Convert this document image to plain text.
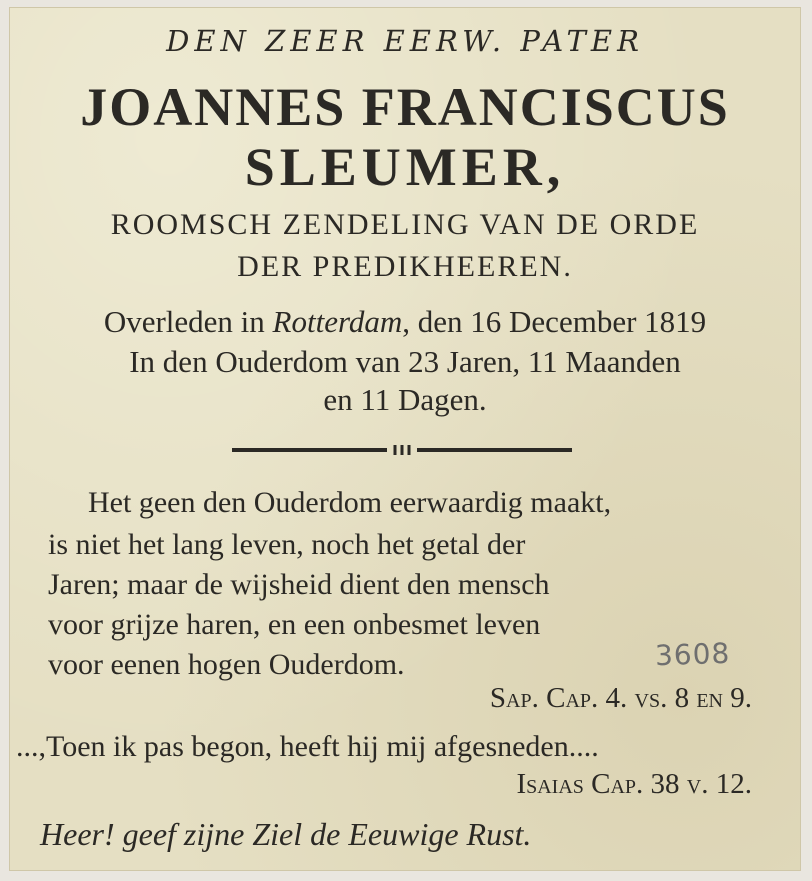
DEN ZEER EERW. PATER
JOANNES FRANCISCUS
SLEUMER,
ROOMSCH ZENDELING VAN DE ORDE
DER PREDIKHEEREN.
Overleden in Rotterdam, den 16 December 1819
In den Ouderdom van 23 Jaren, 11 Maanden
en 11 Dagen.
Het geen den Ouderdom eerwaardig maakt,
is niet het lang leven, noch het getal der
Jaren; maar de wijsheid dient den mensch
voor grijze haren, en een onbesmet leven
voor eenen hogen Ouderdom.	3608
Sap. Cap. 4. vs. 8 en 9.
...,Toen ik pas begon, heeft hij mij afgesneden....
Isaias Cap. 38 v. 12.
Heer! geef zijne Ziel de Eeuwige Rust.
